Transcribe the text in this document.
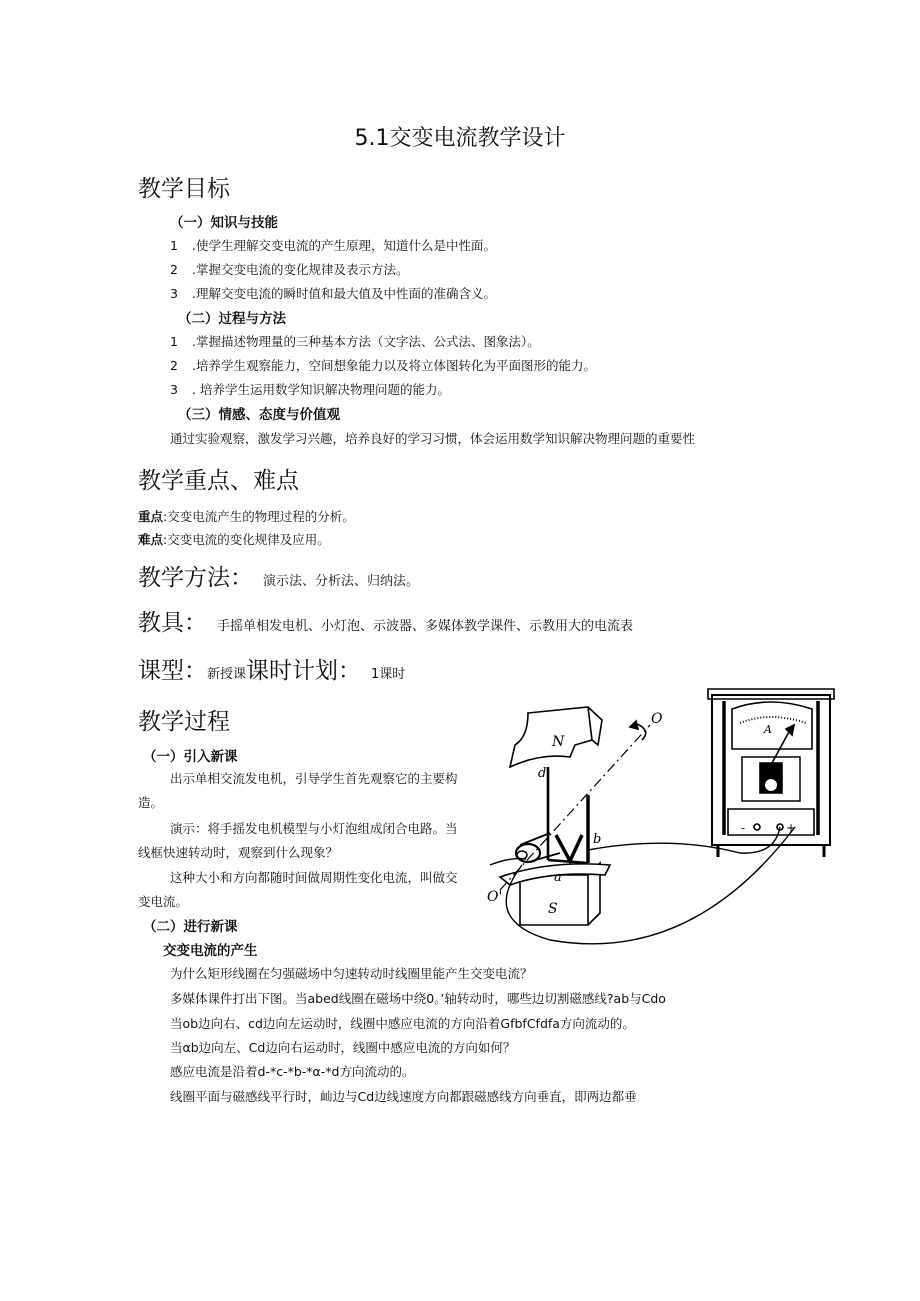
5.1交变电流教学设计
教学目标
（一）知识与技能
1 .使学生理解交变电流的产生原理，知道什么是中性面。
2 .掌握交变电流的变化规律及表示方法。
3 .理解交变电流的瞬时值和最大值及中性面的准确含义。
（二）过程与方法
1 .掌握描述物理量的三种基本方法（文字法、公式法、图象法）。
2 .培养学生观察能力，空间想象能力以及将立体图转化为平面图形的能力。
3 . 培养学生运用数学知识解决物理问题的能力。
（三）情感、态度与价值观
通过实验观察，激发学习兴趣，培养良好的学习习惯，体会运用数学知识解决物理问题的重要性
教学重点、难点
重点:交变电流产生的物理过程的分析。
难点:交变电流的变化规律及应用。
教学方法： 演示法、分析法、归纳法。
教具： 手摇单相发电机、小灯泡、示波器、多媒体教学课件、示教用大的电流表
课型：新授课课时计划： 1课时
教学过程
（一）引入新课
出示单相交流发电机，引导学生首先观察它的主要构造。
演示：将手摇发电机模型与小灯泡组成闭合电路。当线框快速转动时，观察到什么现象？
这种大小和方向都随时间做周期性变化电流，叫做交变电流。
（二）进行新课
交变电流的产生
为什么矩形线圈在匀强磁场中匀速转动时线圈里能产生交变电流？
多媒体课件打出下图。当abed线圈在磁场中绕0。’轴转动时，哪些边切割磁感线?ab与Cdo
当ob边向右、cd边向左运动时，线圈中感应电流的方向沿着GfbfCfdfa方向流动的。
当αb边向左、Cd边向右运动时，线圈中感应电流的方向如何？
感应电流是沿着d-*c-*b-*α-*d方向流动的。
线圈平面与磁感线平行时，屾边与Cd边线速度方向都跟磁感线方向垂直，即两边都垂
N
S
O
O'
a
b
d
A
-	+
